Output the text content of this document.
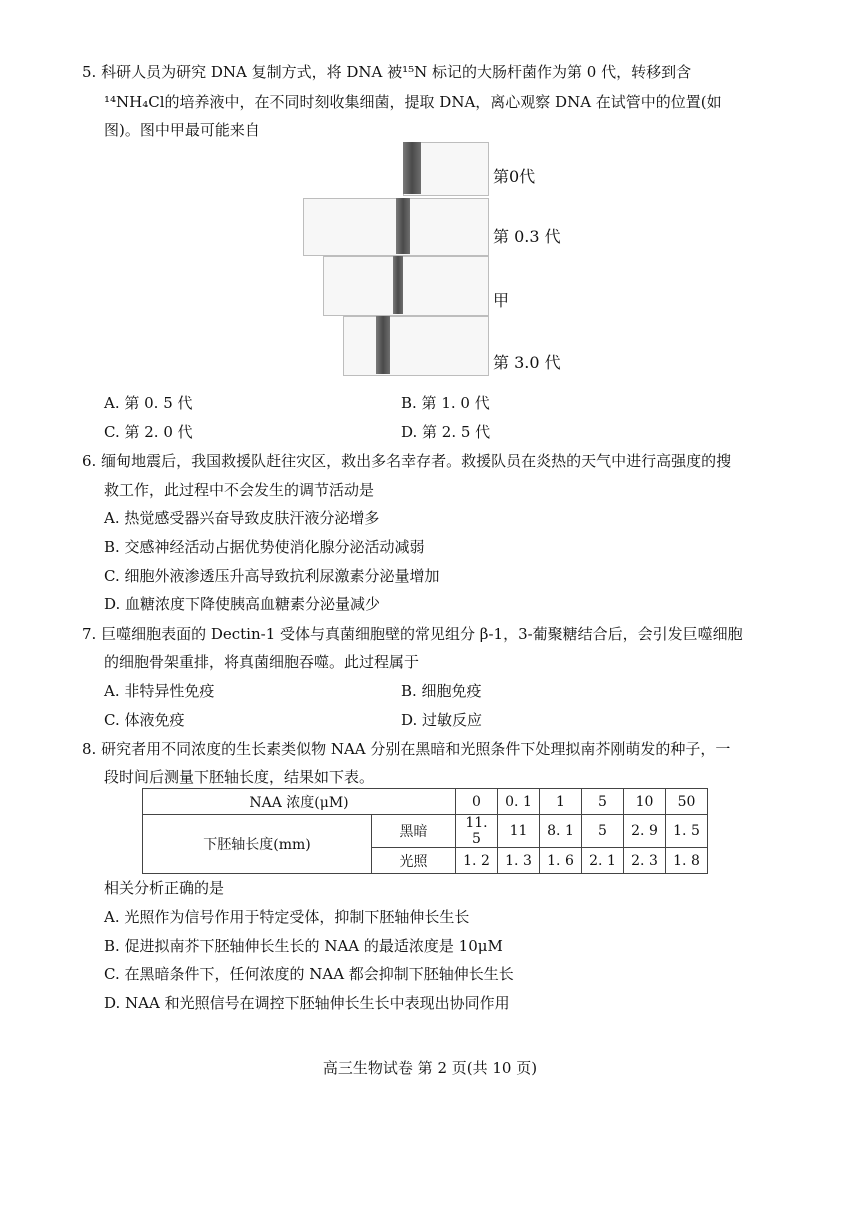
5. 科研人员为研究 DNA 复制方式，将 DNA 被¹⁵N 标记的大肠杆菌作为第 0 代，转移到含
¹⁴NH₄Cl的培养液中，在不同时刻收集细菌，提取 DNA，离心观察 DNA 在试管中的位置(如
图)。图中甲最可能来自
第0代
第 0.3 代
甲
第 3.0 代
A. 第 0. 5 代	B. 第 1. 0 代
C. 第 2. 0 代	D. 第 2. 5 代
6. 缅甸地震后，我国救援队赶往灾区，救出多名幸存者。救援队员在炎热的天气中进行高强度的搜
救工作，此过程中不会发生的调节活动是
A. 热觉感受器兴奋导致皮肤汗液分泌增多
B. 交感神经活动占据优势使消化腺分泌活动减弱
C. 细胞外液渗透压升高导致抗利尿激素分泌量增加
D. 血糖浓度下降使胰高血糖素分泌量减少
7. 巨噬细胞表面的 Dectin-1 受体与真菌细胞壁的常见组分 β-1，3-葡聚糖结合后，会引发巨噬细胞
的细胞骨架重排，将真菌细胞吞噬。此过程属于
A. 非特异性免疫	B. 细胞免疫
C. 体液免疫	D. 过敏反应
8. 研究者用不同浓度的生长素类似物 NAA 分别在黑暗和光照条件下处理拟南芥刚萌发的种子，一
段时间后测量下胚轴长度，结果如下表。
NAA 浓度(μM)		0	0. 1	1	5	10	50
下胚轴长度(mm)	黑暗	11. 5	11	8. 1	5	2. 9	1. 5
	光照	1. 2	1. 3	1. 6	2. 1	2. 3	1. 8
相关分析正确的是
A. 光照作为信号作用于特定受体，抑制下胚轴伸长生长
B. 促进拟南芥下胚轴伸长生长的 NAA 的最适浓度是 10μM
C. 在黑暗条件下，任何浓度的 NAA 都会抑制下胚轴伸长生长
D. NAA 和光照信号在调控下胚轴伸长生长中表现出协同作用
高三生物试卷 第 2 页(共 10 页)
